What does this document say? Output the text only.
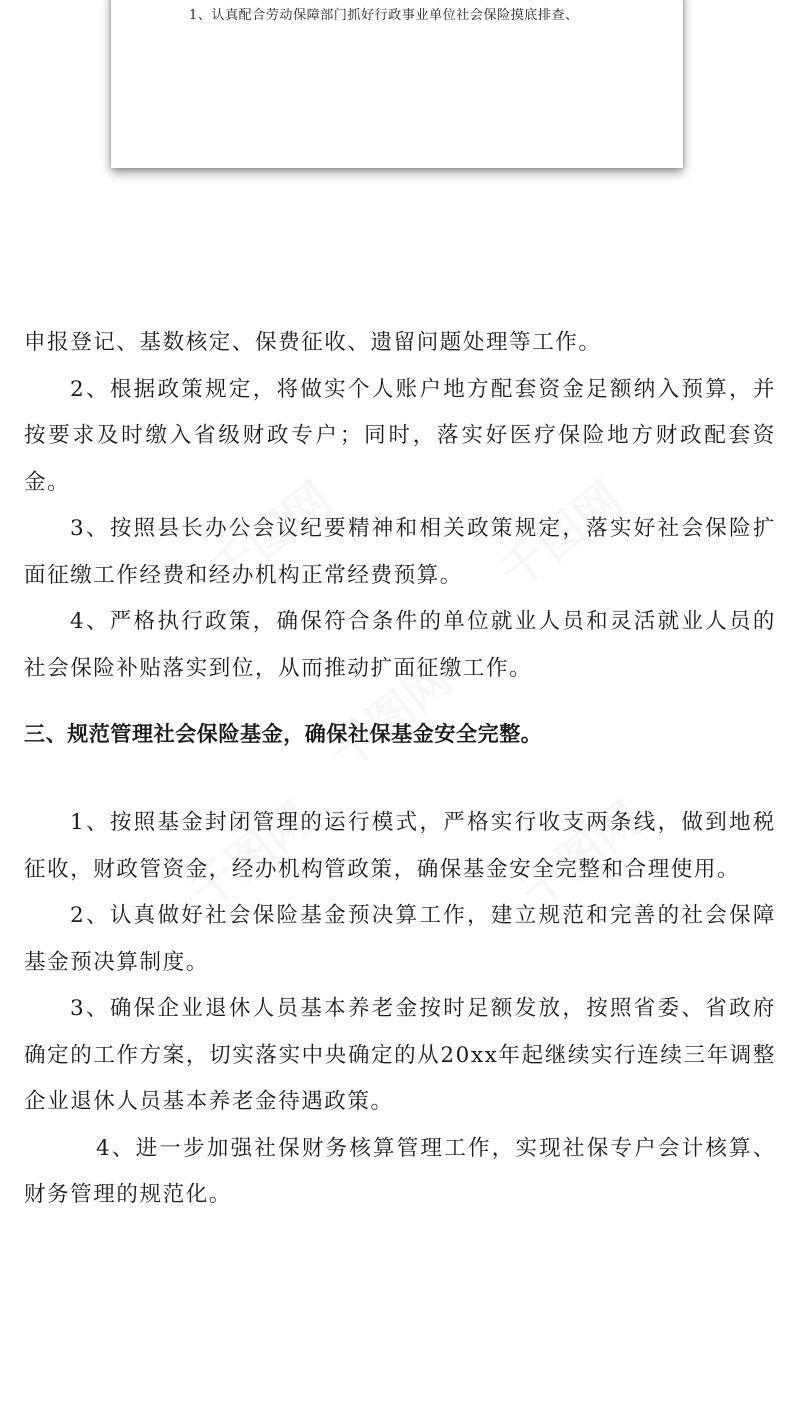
1、认真配合劳动保障部门抓好行政事业单位社会保险摸底排查、

申报登记、基数核定、保费征收、遗留问题处理等工作。

2、根据政策规定，将做实个人账户地方配套资金足额纳入预算，并按要求及时缴入省级财政专户；同时，落实好医疗保险地方财政配套资金。

3、按照县长办公会议纪要精神和相关政策规定，落实好社会保险扩面征缴工作经费和经办机构正常经费预算。

4、严格执行政策，确保符合条件的单位就业人员和灵活就业人员的社会保险补贴落实到位，从而推动扩面征缴工作。

三、规范管理社会保险基金，确保社保基金安全完整。

1、按照基金封闭管理的运行模式，严格实行收支两条线，做到地税征收，财政管资金，经办机构管政策，确保基金安全完整和合理使用。

2、认真做好社会保险基金预决算工作，建立规范和完善的社会保障基金预决算制度。

3、确保企业退休人员基本养老金按时足额发放，按照省委、省政府确定的工作方案，切实落实中央确定的从20xx年起继续实行连续三年调整企业退休人员基本养老金待遇政策。

4、进一步加强社保财务核算管理工作，实现社保专户会计核算、财务管理的规范化。
